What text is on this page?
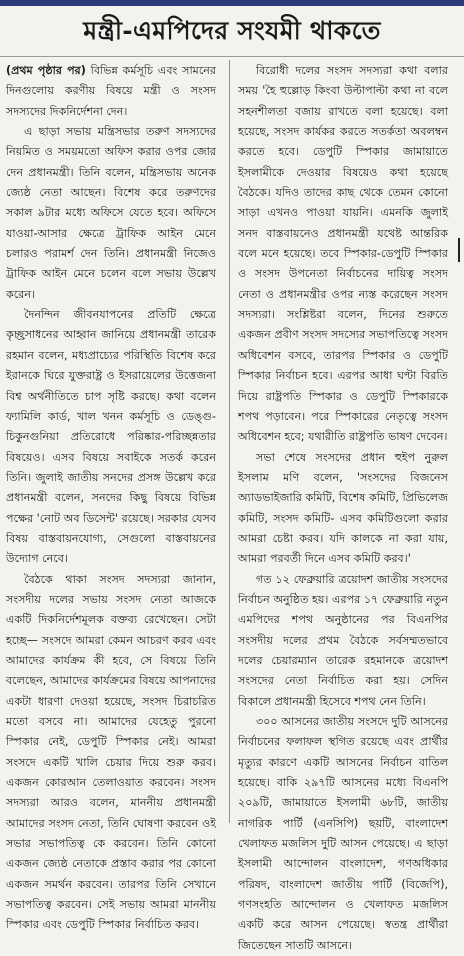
মন্ত্রী-এমপিদের সংযমী থাকতে

(প্রথম পৃষ্ঠার পর) বিভিন্ন কর্মসূচি এবং সামনের দিনগুলোয় করণীয় বিষয়ে মন্ত্রী ও সংসদ সদস্যদের দিকনির্দেশনা দেন।

এ ছাড়া সভায় মন্ত্রিসভার তরুণ সদস্যদের নিয়মিত ও সময়মতো অফিস করার ওপর জোর দেন প্রধানমন্ত্রী। তিনি বলেন, মন্ত্রিসভায় অনেক জ্যেষ্ঠ নেতা আছেন। বিশেষ করে তরুণদের সকাল ৯টার মধ্যে অফিসে যেতে হবে। অফিসে যাওয়া-আসার ক্ষেত্রে ট্রাফিক আইন মেনে চলারও পরামর্শ দেন তিনি। প্রধানমন্ত্রী নিজেও ট্রাফিক আইন মেনে চলেন বলে সভায় উল্লেখ করেন।

দৈনন্দিন জীবনযাপনের প্রতিটি ক্ষেত্রে কৃচ্ছ্রসাধনের আহ্বান জানিয়ে প্রধানমন্ত্রী তারেক রহমান বলেন, মধ্যপ্রাচ্যের পরিস্থিতি বিশেষ করে ইরানকে ঘিরে যুক্তরাষ্ট্র ও ইসরায়েলের উত্তেজনা বিশ্ব অর্থনীতিতে চাপ সৃষ্টি করছে। কথা বলেন ফ্যামিলি কার্ড, খাল খনন কর্মসূচি ও ডেঙ্গু-চিকুনগুনিয়া প্রতিরোধে পরিষ্কার-পরিচ্ছন্নতার বিষয়েও। এসব বিষয়ে সবাইকে সতর্ক করেন তিনি। জুলাই জাতীয় সনদের প্রসঙ্গ উল্লেখ করে প্রধানমন্ত্রী বলেন, সনদের কিছু বিষয়ে বিভিন্ন পক্ষের 'নোট অব ডিসেন্ট' রয়েছে। সরকার যেসব বিষয় বাস্তবায়নযোগ্য, সেগুলো বাস্তবায়নের উদ্যোগ নেবে।

বৈঠকে থাকা সংসদ সদস্যরা জানান, সংসদীয় দলের সভায় সংসদ নেতা আজকে একটি দিকনির্দেশমূলক বক্তব্য রেখেছেন। সেটা হচ্ছে— সংসদে আমরা কেমন আচরণ করব এবং আমাদের কার্যক্রম কী হবে, সে বিষয়ে তিনি বলেছেন, আমাদের কার্যক্রমের বিষয়ে আপনাদের একটা ধারণা দেওয়া হয়েছে, সংসদ চিরাচরিত মতো বসবে না। আমাদের যেহেতু পুরনো স্পিকার নেই, ডেপুটি স্পিকার নেই। আমরা সংসদে একটি খালি চেয়ার দিয়ে শুরু করব। একজন কোরআন তেলাওয়াত করবেন। সংসদ সদস্যরা আরও বলেন, মাননীয় প্রধানমন্ত্রী আমাদের সংসদ নেতা, তিনি ঘোষণা করবেন ওই সভার সভাপতিত্ব কে করবেন। তিনি কোনো একজন জ্যেষ্ঠ নেতাকে প্রস্তাব করার পর কোনো একজন সমর্থন করবেন। তারপর তিনি সেখানে সভাপতিত্ব করবেন। সেই সভায় আমরা মাননীয় স্পিকার এবং ডেপুটি স্পিকার নির্বাচিত করব।

বিরোধী দলের সংসদ সদস্যরা কথা বলার সময় 'হৈ হুল্লোড় কিংবা উল্টাপাল্টা কথা না বলে সহনশীলতা বজায় রাখতে বলা হয়েছে। বলা হয়েছে, সংসদ কার্যকর করতে সতর্কতা অবলম্বন করতে হবে। ডেপুটি স্পিকার জামায়াতে ইসলামীকে দেওয়ার বিষয়েও কথা হয়েছে বৈঠকে। যদিও তাদের কাছ থেকে তেমন কোনো সাড়া এখনও পাওয়া যায়নি। এমনকি জুলাই সনদ বাস্তবায়নেও প্রধানমন্ত্রী যথেষ্ট আন্তরিক বলে মনে হয়েছে। তবে স্পিকার-ডেপুটি স্পিকার ও সংসদ উপনেতা নির্বাচনের দায়িত্ব সংসদ নেতা ও প্রধানমন্ত্রীর ওপর ন্যস্ত করেছেন সংসদ সদস্যরা। সংশ্লিষ্টরা বলেন, দিনের শুরুতে একজন প্রবীণ সংসদ সদস্যের সভাপতিত্বে সংসদ অধিবেশন বসবে, তারপর স্পিকার ও ডেপুটি স্পিকার নির্বাচন হবে। এরপর আধা ঘণ্টা বিরতি দিয়ে রাষ্ট্রপতি স্পিকার ও ডেপুটি স্পিকারকে শপথ পড়াবেন। পরে স্পিকারের নেতৃত্বে সংসদ অধিবেশন হবে; যথারীতি রাষ্ট্রপতি ভাষণ দেবেন।

সভা শেষে সংসদের প্রধান হুইপ নুরুল ইসলাম মণি বলেন, 'সংসদের বিজনেস অ্যাডভাইজারি কমিটি, বিশেষ কমিটি, প্রিভিলেজ কমিটি, সংসদ কমিটি- এসব কমিটিগুলো করার আমরা চেষ্টা করব। যদি কালকে না করা যায়, আমরা পরবর্তী দিনে এসব কমিটি করব।'

গত ১২ ফেব্রুয়ারি ত্রয়োদশ জাতীয় সংসদের নির্বাচন অনুষ্ঠিত হয়। এরপর ১৭ ফেব্রুয়ারি নতুন এমপিদের শপথ অনুষ্ঠানের পর বিএনপির সংসদীয় দলের প্রথম বৈঠকে সর্বসম্মতভাবে দলের চেয়ারম্যান তারেক রহমানকে ত্রয়োদশ সংসদের নেতা নির্বাচিত করা হয়। সেদিন বিকালে প্রধানমন্ত্রী হিসেবে শপথ নেন তিনি।

৩০০ আসনের জাতীয় সংসদে দুটি আসনের নির্বাচনের ফলাফল স্থগিত রয়েছে এবং প্রার্থীর মৃত্যুর কারণে একটি আসনের নির্বাচন বাতিল হয়েছে। বাকি ২৯৭টি আসনের মধ্যে বিএনপি ২০৯টি, জামায়াতে ইসলামী ৬৮টি, জাতীয় নাগরিক পার্টি (এনসিপি) ছয়টি, বাংলাদেশ খেলাফত মজলিস দুটি আসন পেয়েছে। এ ছাড়া ইসলামী আন্দোলন বাংলাদেশ, গণঅধিকার পরিষদ, বাংলাদেশ জাতীয় পার্টি (বিজেপি), গণসংহতি আন্দোলন ও খেলাফত মজলিস একটি করে আসন পেয়েছে। স্বতন্ত্র প্রার্থীরা জিতেছেন সাতটি আসনে।
